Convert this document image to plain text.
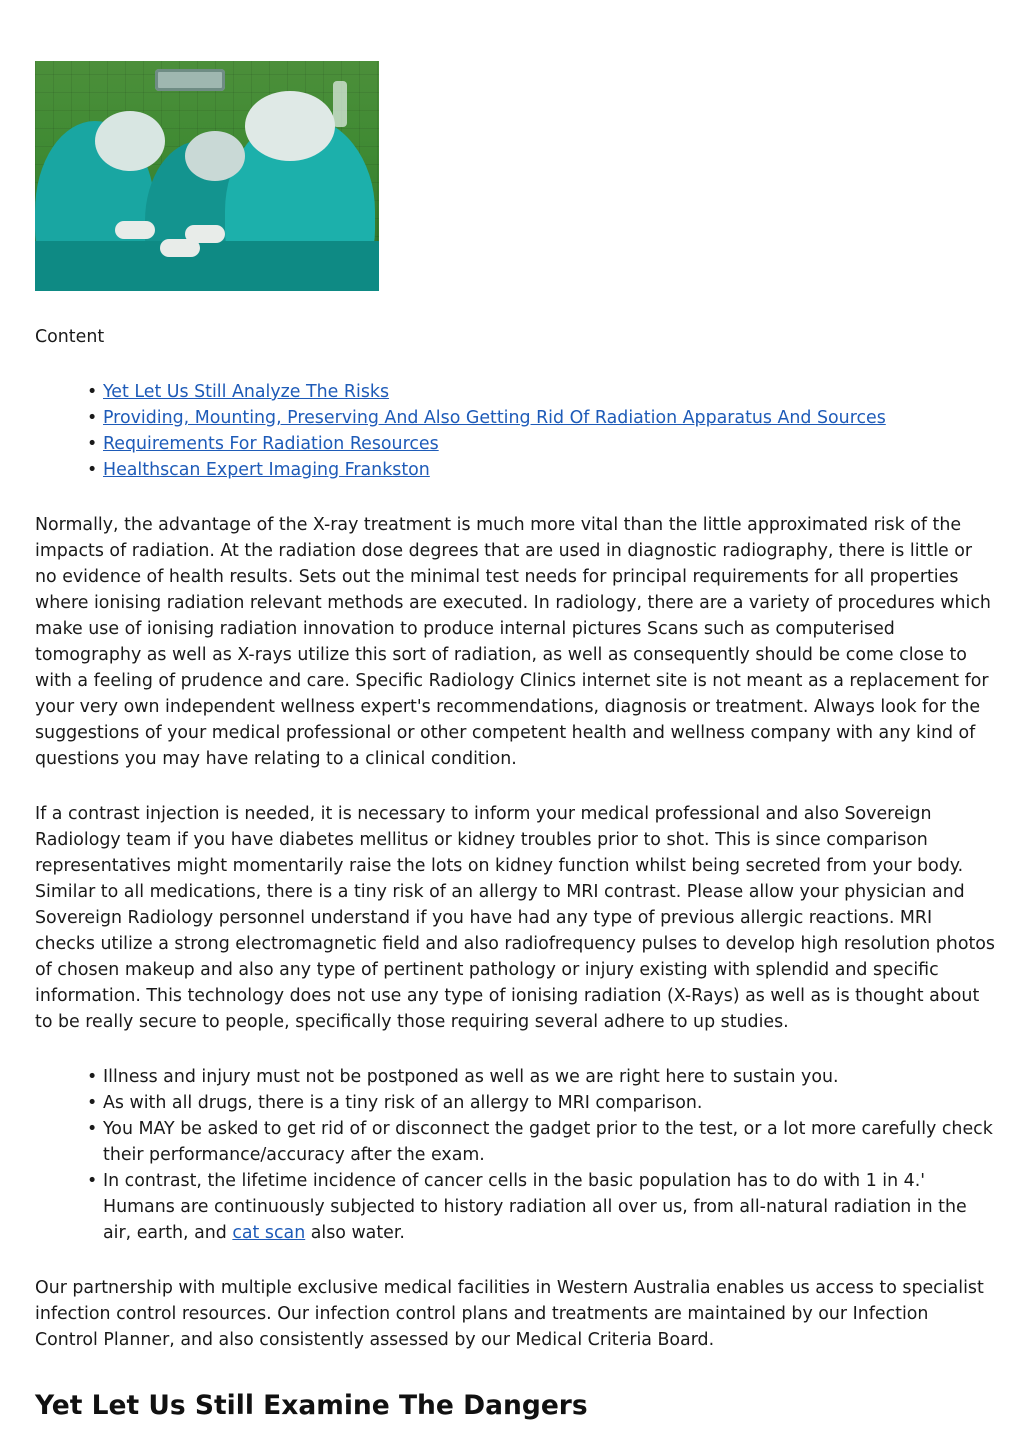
Content

• Yet Let Us Still Analyze The Risks
• Providing, Mounting, Preserving And Also Getting Rid Of Radiation Apparatus And Sources
• Requirements For Radiation Resources
• Healthscan Expert Imaging Frankston

Normally, the advantage of the X-ray treatment is much more vital than the little approximated risk of the impacts of radiation. At the radiation dose degrees that are used in diagnostic radiography, there is little or no evidence of health results. Sets out the minimal test needs for principal requirements for all properties where ionising radiation relevant methods are executed. In radiology, there are a variety of procedures which make use of ionising radiation innovation to produce internal pictures Scans such as computerised tomography as well as X-rays utilize this sort of radiation, as well as consequently should be come close to with a feeling of prudence and care. Specific Radiology Clinics internet site is not meant as a replacement for your very own independent wellness expert's recommendations, diagnosis or treatment. Always look for the suggestions of your medical professional or other competent health and wellness company with any kind of questions you may have relating to a clinical condition.

If a contrast injection is needed, it is necessary to inform your medical professional and also Sovereign Radiology team if you have diabetes mellitus or kidney troubles prior to shot. This is since comparison representatives might momentarily raise the lots on kidney function whilst being secreted from your body. Similar to all medications, there is a tiny risk of an allergy to MRI contrast. Please allow your physician and Sovereign Radiology personnel understand if you have had any type of previous allergic reactions. MRI checks utilize a strong electromagnetic field and also radiofrequency pulses to develop high resolution photos of chosen makeup and also any type of pertinent pathology or injury existing with splendid and specific information. This technology does not use any type of ionising radiation (X-Rays) as well as is thought about to be really secure to people, specifically those requiring several adhere to up studies.

• Illness and injury must not be postponed as well as we are right here to sustain you.
• As with all drugs, there is a tiny risk of an allergy to MRI comparison.
• You MAY be asked to get rid of or disconnect the gadget prior to the test, or a lot more carefully check their performance/accuracy after the exam.
• In contrast, the lifetime incidence of cancer cells in the basic population has to do with 1 in 4.' Humans are continuously subjected to history radiation all over us, from all-natural radiation in the air, earth, and cat scan also water.

Our partnership with multiple exclusive medical facilities in Western Australia enables us access to specialist infection control resources. Our infection control plans and treatments are maintained by our Infection Control Planner, and also consistently assessed by our Medical Criteria Board.

Yet Let Us Still Examine The Dangers
